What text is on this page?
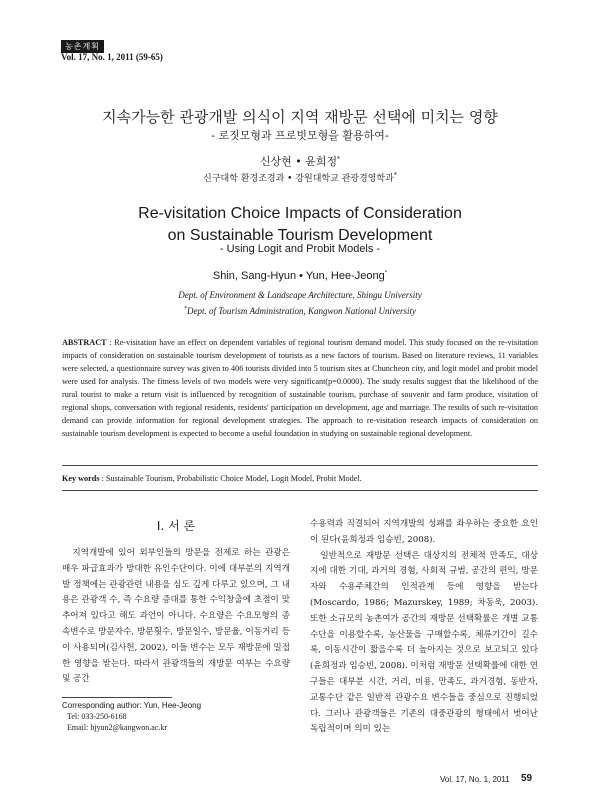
농촌계획
Vol. 17, No. 1, 2011 (59-65)
지속가능한 관광개발 의식이 지역 재방문 선택에 미치는 영향
- 로짓모형과 프로빗모형을 활용하여-
신상현 • 윤희정*
신구대학 환경조경과 • 강원대학교 관광경영학과*
Re-visitation Choice Impacts of Consideration
on Sustainable Tourism Development
- Using Logit and Probit Models -
Shin, Sang-Hyun • Yun, Hee-Jeong*
Dept. of Environment & Landscape Architecture, Shingu University
*Dept. of Tourism Administration, Kangwon National University
ABSTRACT : Re-visitation have an effect on dependent variables of regional tourism demand model. This study focused on the re-visitation impacts of consideration on sustainable tourism development of tourists as a new factors of tourism. Based on literature reviews, 11 variables were selected, a questionnaire survey was given to 406 tourists divided into 5 tourism sites at Chuncheon city, and logit model and probit model were used for analysis. The fitness levels of two models were very significant(p=0.0000). The study results suggest that the likelihood of the rural tourist to make a return visit is influenced by recognition of sustainable tourism, purchase of souvenir and farm produce, visitation of regional shops, conversation with regional residents, residents' participation on development, age and marriage. The results of such re-visitation demand can provide information for regional development strategies. The approach to re-visitation research impacts of consideration on sustainable tourism development is expected to become a useful foundation in studying on sustainable regional development.
Key words : Sustainable Tourism, Probabilistic Choice Model, Logit Model, Probit Model.
Ⅰ. 서 론

지역개발에 있어 외부인들의 방문을 전제로 하는 관광은 매우 파급효과가 방대한 유인수단이다. 이에 대부분의 지역개발 정책에는 관광관련 내용을 심도 깊게 다루고 있으며, 그 내용은 관광객 수, 즉 수요량 증대를 통한 수익창출에 초점이 맞추어져 있다고 해도 과언이 아니다. 수요량은 수요모형의 종속변수로 방문자수, 방문횟수, 방문일수, 방문율, 이동거리 등이 사용되며(김사헌, 2002), 이들 변수는 모두 재방문에 밀접한 영향을 받는다. 따라서 관광객들의 재방문 여부는 수요량 및 공간

수용력과 직결되어 지역개발의 성패를 좌우하는 중요한 요인이 된다(윤희정과 임승빈, 2008).

일반적으로 재방문 선택은 대상지의 전체적 만족도, 대상지에 대한 기대, 과거의 경험, 사회적 규범, 공간의 편익, 방문자와 수용주체간의 인적관계 등에 영향을 받는다(Moscardo, 1986; Mazurskey, 1989; 차동욱, 2003). 또한 소규모의 농촌여가 공간의 재방문 선택확률은 개별 교통수단을 이용할수록, 농산물을 구매할수록, 체류기간이 길수록, 이동시간이 짧을수록 더 높아지는 것으로 보고되고 있다(윤희정과 임승빈, 2008). 이처럼 재방문 선택확률에 대한 연구들은 대부분 시간, 거리, 비용, 만족도, 과거경험, 동반자, 교통수단 같은 일반적 관광수요 변수들을 중심으로 진행되었다. 그러나 관광객들은 기존의 대중관광의 형태에서 벗어난 독립적이며 의미 있는

Corresponding author: Yun, Hee-Jeong
Tel: 033-250-6168
Email: hjyun2@kangwon.ac.kr
Vol. 17, No. 1, 2011 59
